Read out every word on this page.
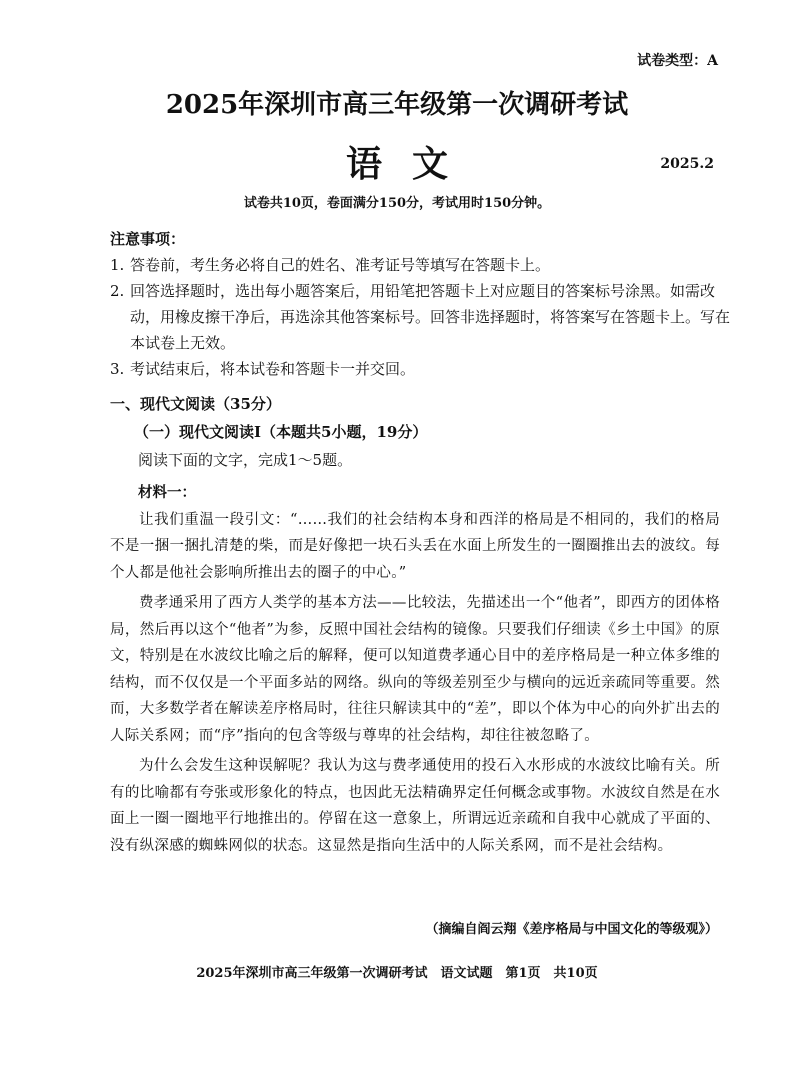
试卷类型：A
2025年深圳市高三年级第一次调研考试
语文	2025.2
试卷共10页，卷面满分150分，考试用时150分钟。
注意事项：
1. 答卷前，考生务必将自己的姓名、准考证号等填写在答题卡上。
2. 回答选择题时，选出每小题答案后，用铅笔把答题卡上对应题目的答案标号涂黑。如需改动，用橡皮擦干净后，再选涂其他答案标号。回答非选择题时，将答案写在答题卡上。写在本试卷上无效。
3. 考试结束后，将本试卷和答题卡一并交回。
一、现代文阅读（35分）
（一）现代文阅读Ⅰ（本题共5小题，19分）
阅读下面的文字，完成1～5题。
材料一：

让我们重温一段引文：“……我们的社会结构本身和西洋的格局是不相同的，我们的格局不是一捆一捆扎清楚的柴，而是好像把一块石头丢在水面上所发生的一圈圈推出去的波纹。每个人都是他社会影响所推出去的圈子的中心。”

费孝通采用了西方人类学的基本方法——比较法，先描述出一个“他者”，即西方的团体格局，然后再以这个“他者”为参，反照中国社会结构的镜像。只要我们仔细读《乡土中国》的原文，特别是在水波纹比喻之后的解释，便可以知道费孝通心目中的差序格局是一种立体多维的结构，而不仅仅是一个平面多站的网络。纵向的等级差别至少与横向的远近亲疏同等重要。然而，大多数学者在解读差序格局时，往往只解读其中的“差”，即以个体为中心的向外扩出去的人际关系网；而“序”指向的包含等级与尊卑的社会结构，却往往被忽略了。

为什么会发生这种误解呢？我认为这与费孝通使用的投石入水形成的水波纹比喻有关。所有的比喻都有夸张或形象化的特点，也因此无法精确界定任何概念或事物。水波纹自然是在水面上一圈一圈地平行地推出的。停留在这一意象上，所谓远近亲疏和自我中心就成了平面的、没有纵深感的蜘蛛网似的状态。这显然是指向生活中的人际关系网，而不是社会结构。

（摘编自阎云翔《差序格局与中国文化的等级观》）
2025年深圳市高三年级第一次调研考试　语文试题　第1页　共10页
